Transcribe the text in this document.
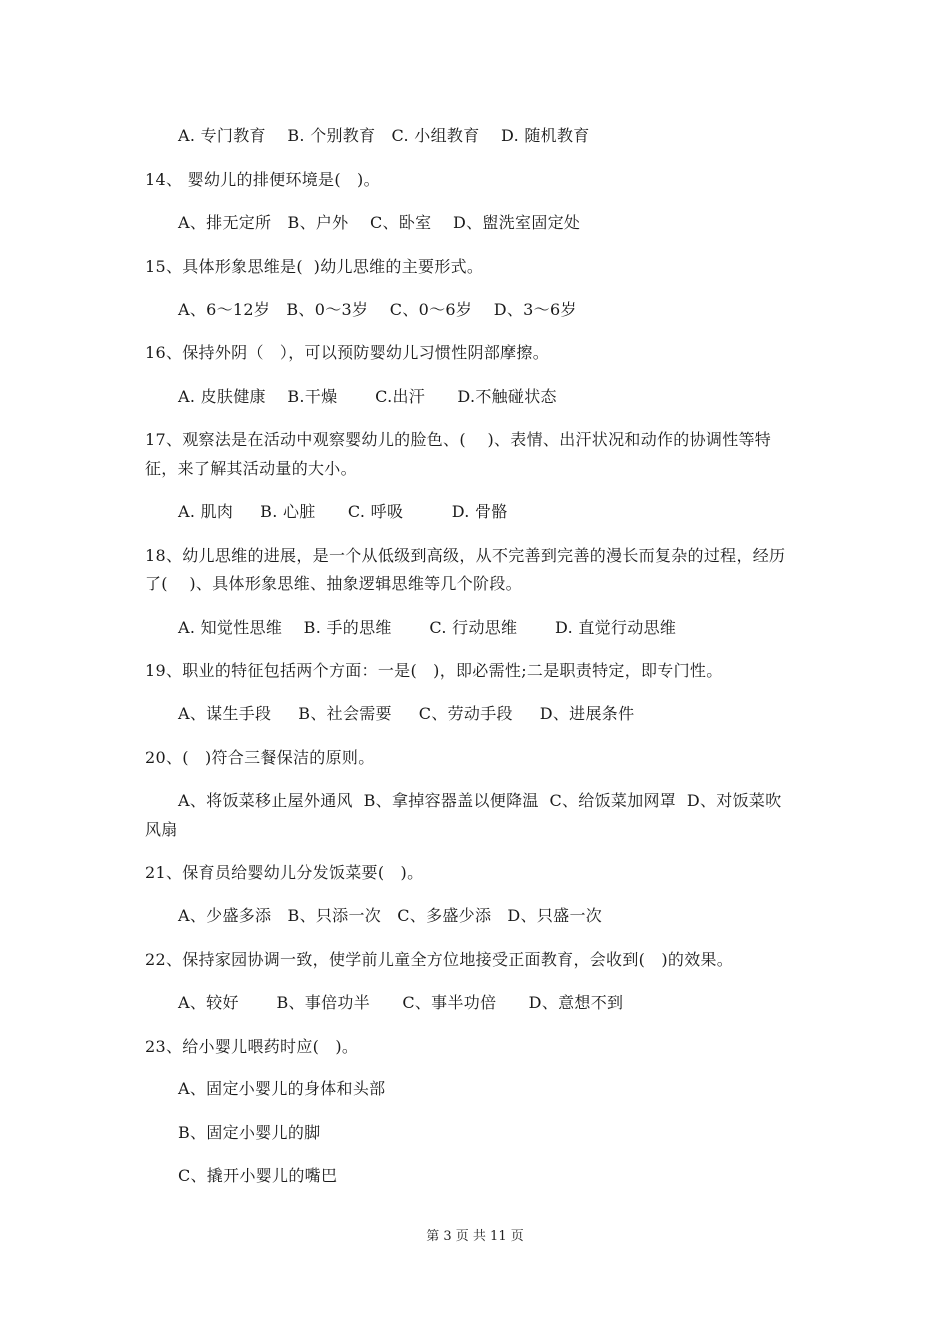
A. 专门教育    B. 个别教育   C. 小组教育    D. 随机教育
14、 婴幼儿的排便环境是(   )。
A、排无定所   B、户外    C、卧室    D、盥洗室固定处
15、具体形象思维是(  )幼儿思维的主要形式。
A、6～12岁   B、0～3岁    C、0～6岁    D、3～6岁
16、保持外阴（   ），可以预防婴幼儿习惯性阴部摩擦。
A. 皮肤健康    B.干燥       C.出汗      D.不触碰状态
17、观察法是在活动中观察婴幼儿的脸色、(    )、表情、出汗状况和动作的协调性等特
征，来了解其活动量的大小。
A. 肌肉     B. 心脏      C. 呼吸         D. 骨骼
18、幼儿思维的进展，是一个从低级到高级，从不完善到完善的漫长而复杂的过程，经历
了(    )、具体形象思维、抽象逻辑思维等几个阶段。
A. 知觉性思维    B. 手的思维       C. 行动思维       D. 直觉行动思维
19、职业的特征包括两个方面：一是(   )，即必需性;二是职责特定，即专门性。
A、谋生手段     B、社会需要     C、劳动手段     D、进展条件
20、(   )符合三餐保洁的原则。
A、将饭菜移止屋外通风  B、拿掉容器盖以便降温  C、给饭菜加网罩  D、对饭菜吹
风扇
21、保育员给婴幼儿分发饭菜要(   )。
A、少盛多添   B、只添一次   C、多盛少添   D、只盛一次
22、保持家园协调一致，使学前儿童全方位地接受正面教育，会收到(   )的效果。
A、较好       B、事倍功半      C、事半功倍      D、意想不到
23、给小婴儿喂药时应(   )。
A、固定小婴儿的身体和头部
B、固定小婴儿的脚
C、撬开小婴儿的嘴巴
第 3 页 共 11 页
